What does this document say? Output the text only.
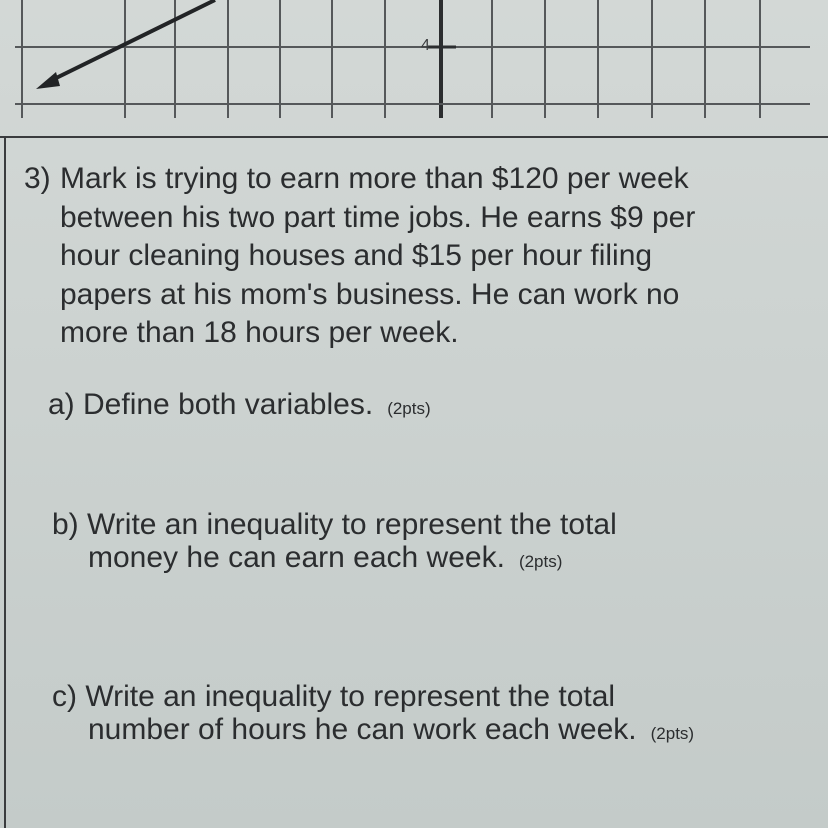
4
3) Mark is trying to earn more than $120 per week
between his two part time jobs. He earns $9 per
hour cleaning houses and $15 per hour filing
papers at his mom's business. He can work no
more than 18 hours per week.
a) Define both variables. (2pts)
b) Write an inequality to represent the total
money he can earn each week. (2pts)
c) Write an inequality to represent the total
number of hours he can work each week. (2pts)
